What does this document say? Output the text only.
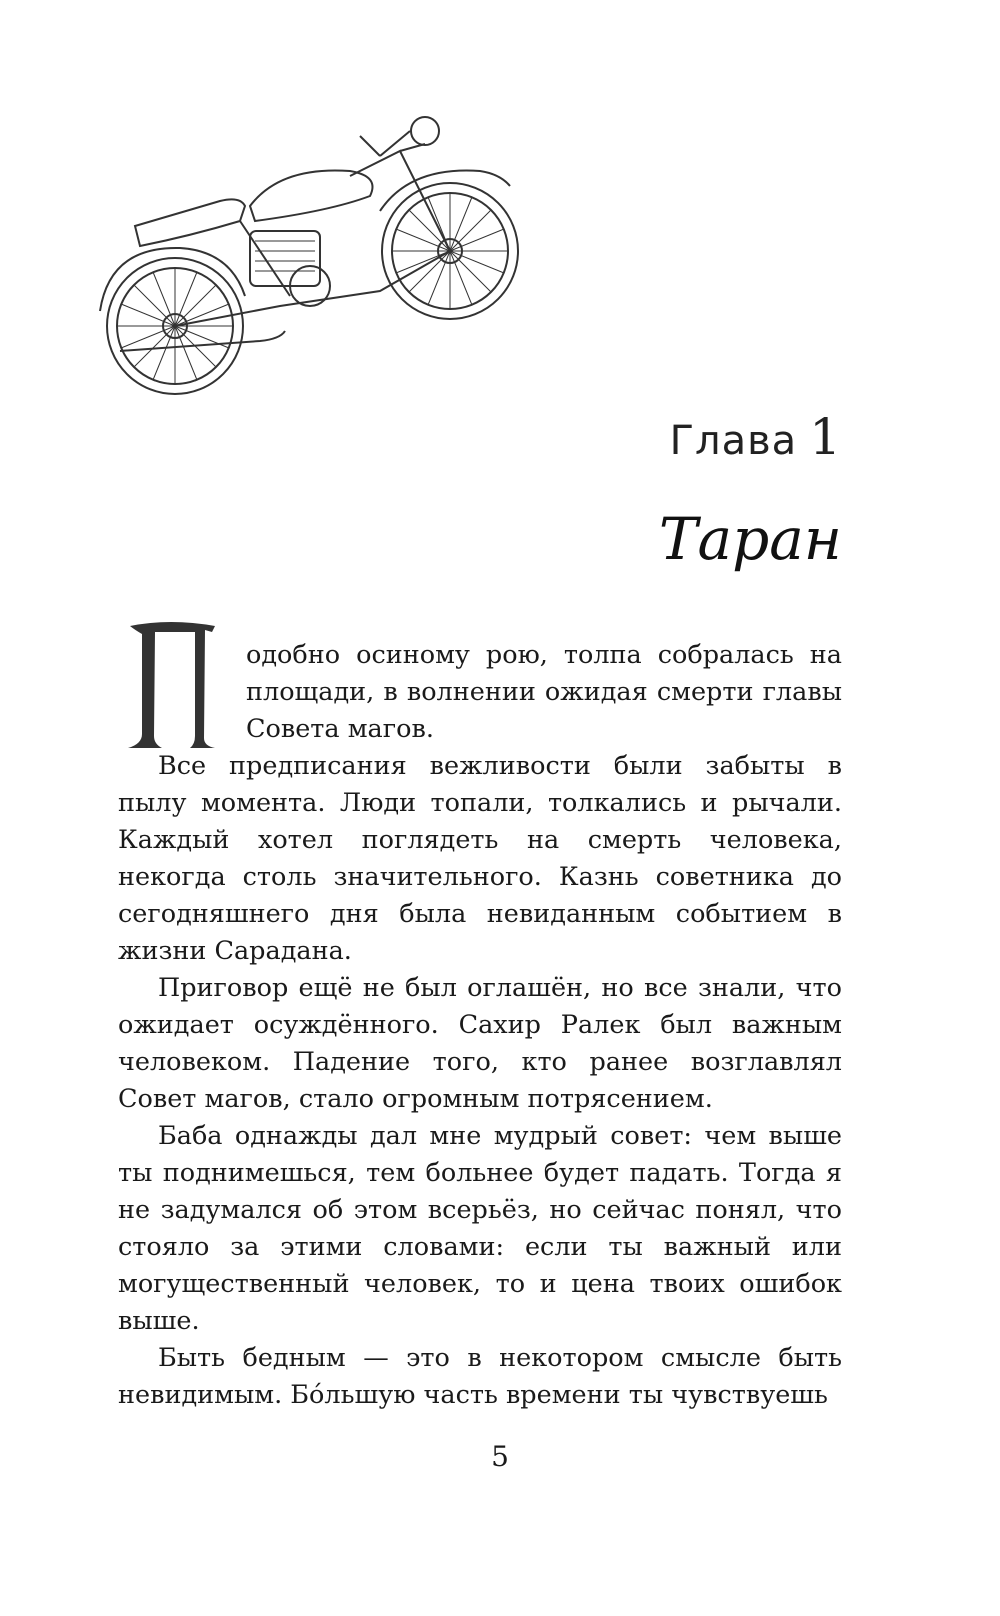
Глава 1
Таран
П

одобно осиному рою, толпа собралась на площади, в волнении ожидая смерти главы Совета магов.

Все предписания вежливости были забыты в пылу момента. Люди топали, толкались и рычали. Каждый хотел поглядеть на смерть человека, некогда столь значительного. Казнь советника до сегодняшнего дня была невиданным событием в жизни Сарадана.

Приговор ещё не был оглашён, но все знали, что ожидает осуждённого. Сахир Ралек был важным человеком. Падение того, кто ранее возглавлял Совет магов, стало огромным потрясением.

Баба однажды дал мне мудрый совет: чем выше ты поднимешься, тем больнее будет падать. Тогда я не задумался об этом всерьёз, но сейчас понял, что стояло за этими словами: если ты важный или могущественный человек, то и цена твоих ошибок выше.

Быть бедным — это в некотором смысле быть невидимым. Бóльшую часть времени ты чувствуешь

5
